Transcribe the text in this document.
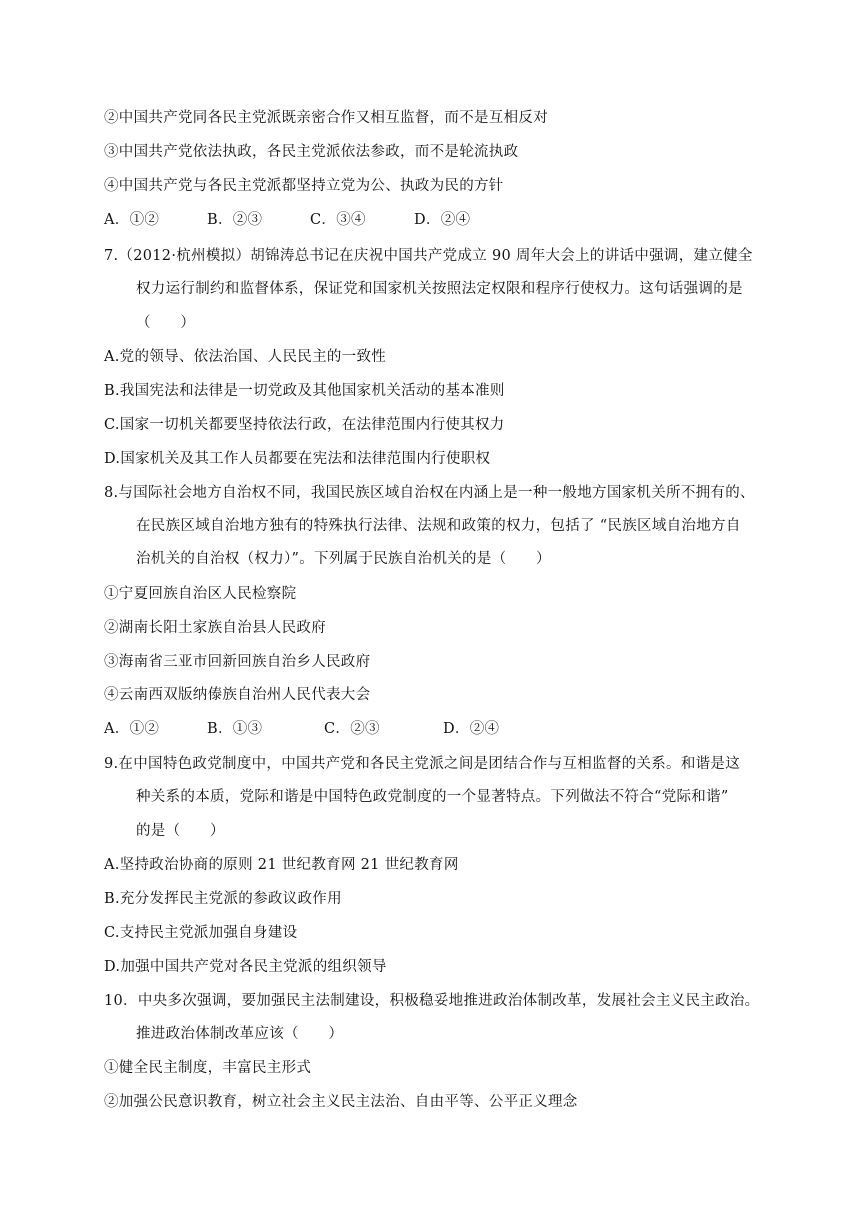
②中国共产党同各民主党派既亲密合作又相互监督，而不是互相反对
③中国共产党依法执政，各民主党派依法参政，而不是轮流执政
④中国共产党与各民主党派都坚持立党为公、执政为民的方针
A．①②	B．②③	C．③④	D．②④
7.（2012·杭州模拟）胡锦涛总书记在庆祝中国共产党成立 90 周年大会上的讲话中强调，建立健全
权力运行制约和监督体系，保证党和国家机关按照法定权限和程序行使权力。这句话强调的是
（　　）
A.党的领导、依法治国、人民民主的一致性
B.我国宪法和法律是一切党政及其他国家机关活动的基本准则
C.国家一切机关都要坚持依法行政，在法律范围内行使其权力
D.国家机关及其工作人员都要在宪法和法律范围内行使职权
8.与国际社会地方自治权不同，我国民族区域自治权在内涵上是一种一般地方国家机关所不拥有的、
在民族区域自治地方独有的特殊执行法律、法规和政策的权力，包括了 “民族区域自治地方自
治机关的自治权（权力）”。下列属于民族自治机关的是（　　）
①宁夏回族自治区人民检察院
②湖南长阳土家族自治县人民政府
③海南省三亚市回新回族自治乡人民政府
④云南西双版纳傣族自治州人民代表大会
A．①②	B．①③	C．②③	D．②④
9.在中国特色政党制度中，中国共产党和各民主党派之间是团结合作与互相监督的关系。和谐是这
种关系的本质，党际和谐是中国特色政党制度的一个显著特点。下列做法不符合“党际和谐”
的是（　　）
A.坚持政治协商的原则 21 世纪教育网 21 世纪教育网
B.充分发挥民主党派的参政议政作用
C.支持民主党派加强自身建设
D.加强中国共产党对各民主党派的组织领导
10．中央多次强调，要加强民主法制建设，积极稳妥地推进政治体制改革，发展社会主义民主政治。
推进政治体制改革应该（　　）
①健全民主制度，丰富民主形式
②加强公民意识教育，树立社会主义民主法治、自由平等、公平正义理念
